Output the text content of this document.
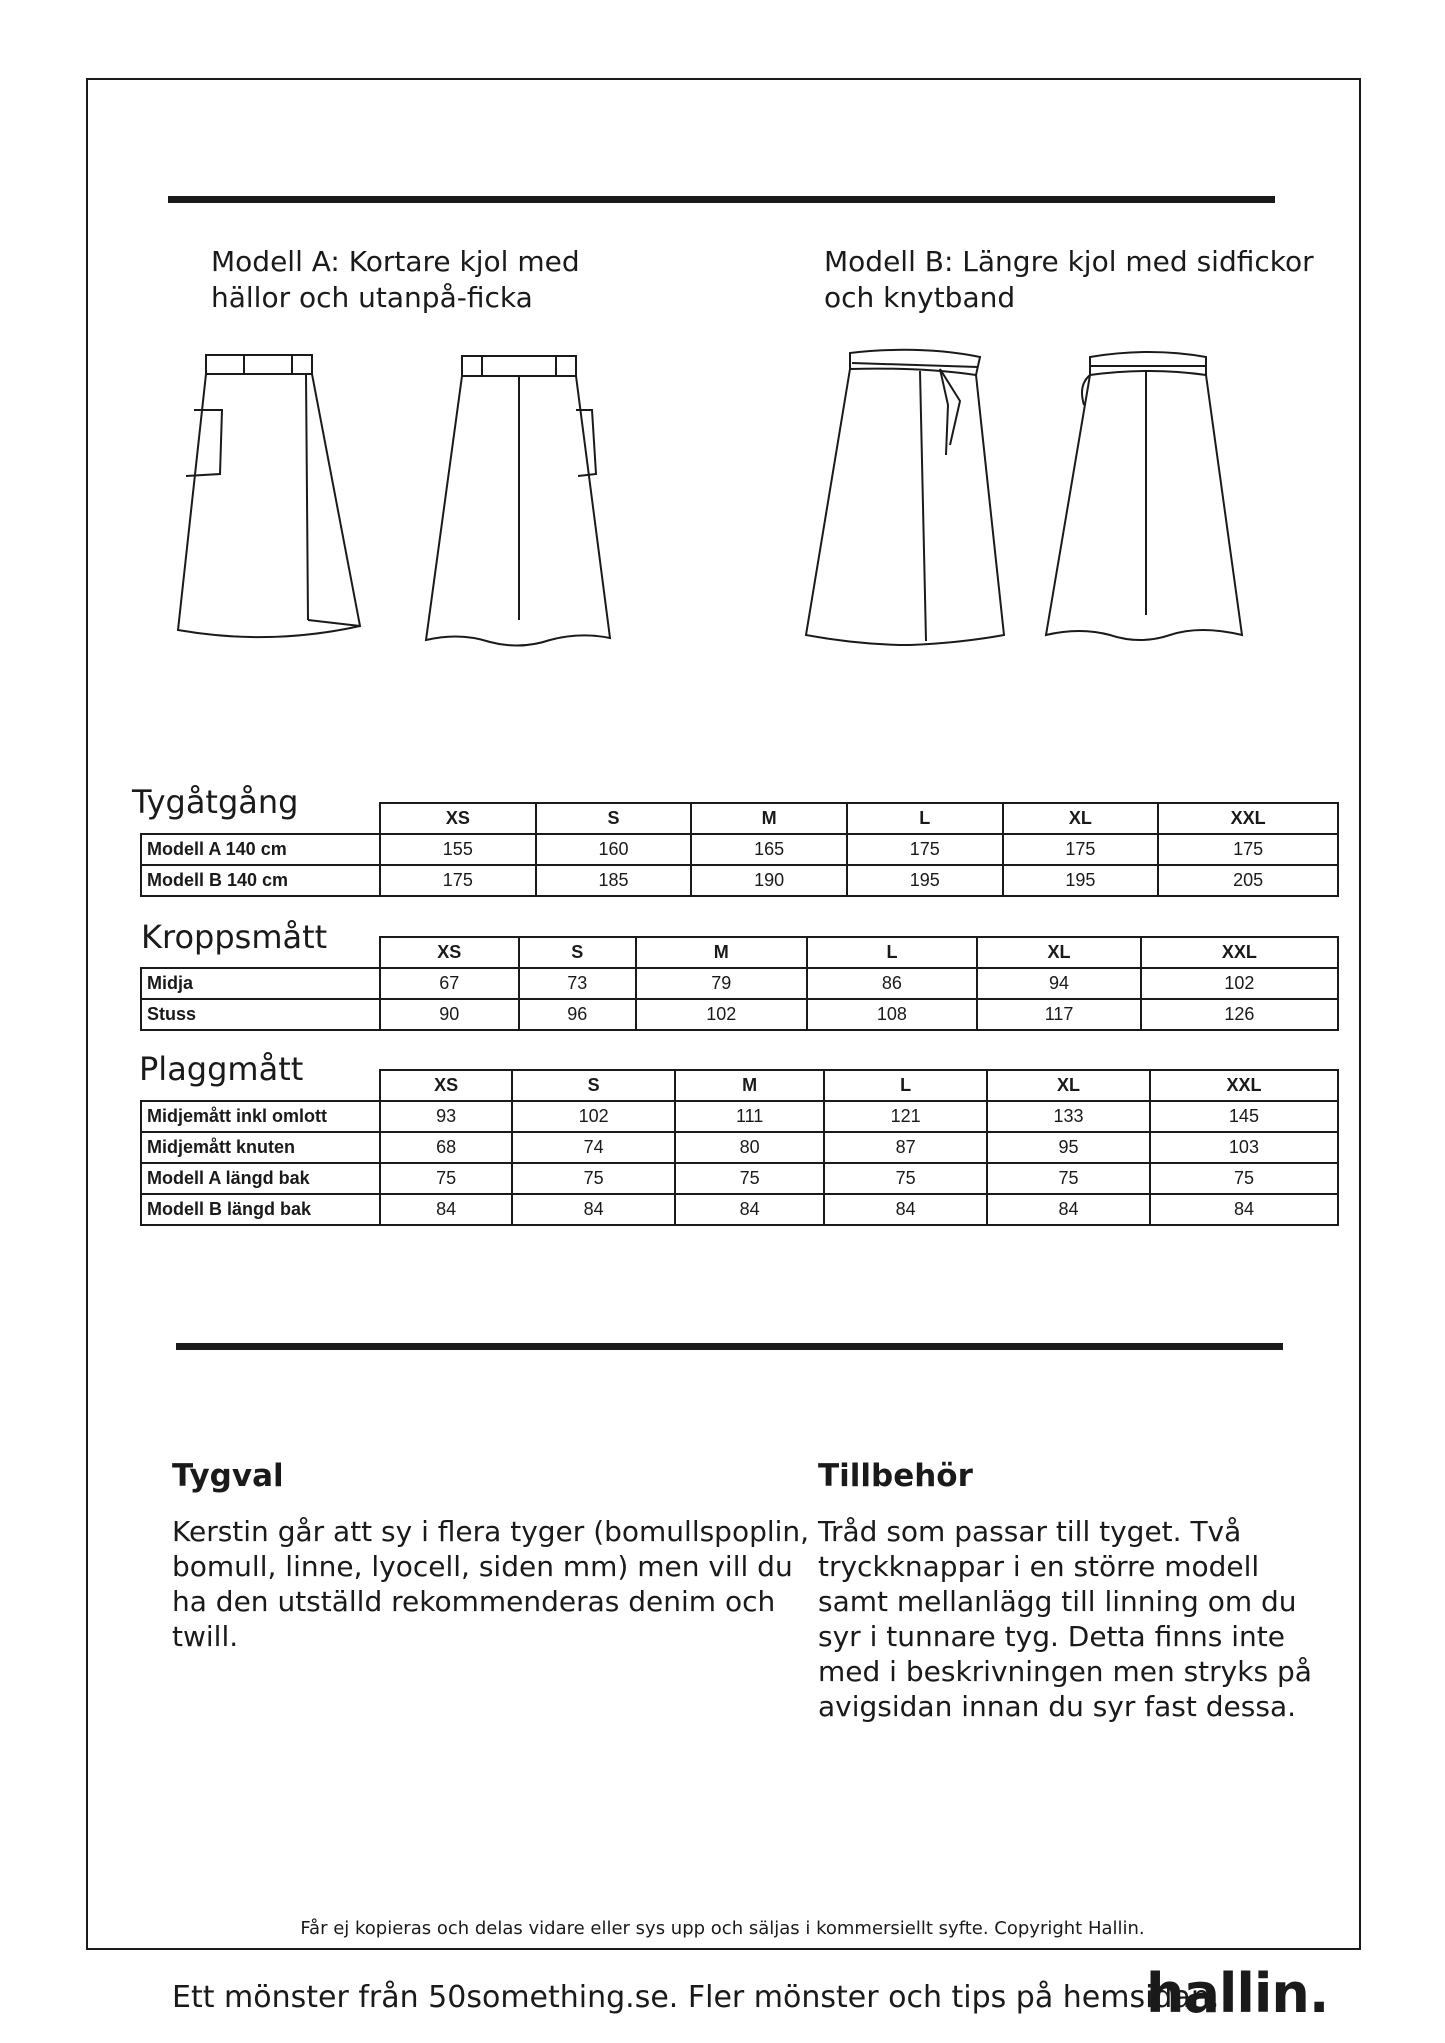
Modell A: Kortare kjol med
hällor och utanpå-ficka
Modell B: Längre kjol med sidfickor
och knytband
Tygåtgång
		XS	S	M	L	XL	XXL
Modell A 140 cm	155	160	165	175	175	175
Modell B 140 cm	175	185	190	195	195	205
Kroppsmått
		XS	S	M	L	XL	XXL
Midja	67	73	79	86	94	102
Stuss	90	96	102	108	117	126
Plaggmått
		XS	S	M	L	XL	XXL
Midjemått inkl omlott	93	102	111	121	133	145
Midjemått knuten	68	74	80	87	95	103
Modell A längd bak	75	75	75	75	75	75
Modell B längd bak	84	84	84	84	84	84
Tygval
Kerstin går att sy i flera tyger (bomullspoplin,
bomull, linne, lyocell, siden mm) men vill du
ha den utställd rekommenderas denim och
twill.
Tillbehör
Tråd som passar till tyget. Två
tryckknappar i en större modell
samt mellanlägg till linning om du
syr i tunnare tyg. Detta finns inte
med i beskrivningen men stryks på
avigsidan innan du syr fast dessa.
Får ej kopieras och delas vidare eller sys upp och säljas i kommersiellt syfte. Copyright Hallin.
Ett mönster från 50something.se. Fler mönster och tips på hemsidan.
hallin.
